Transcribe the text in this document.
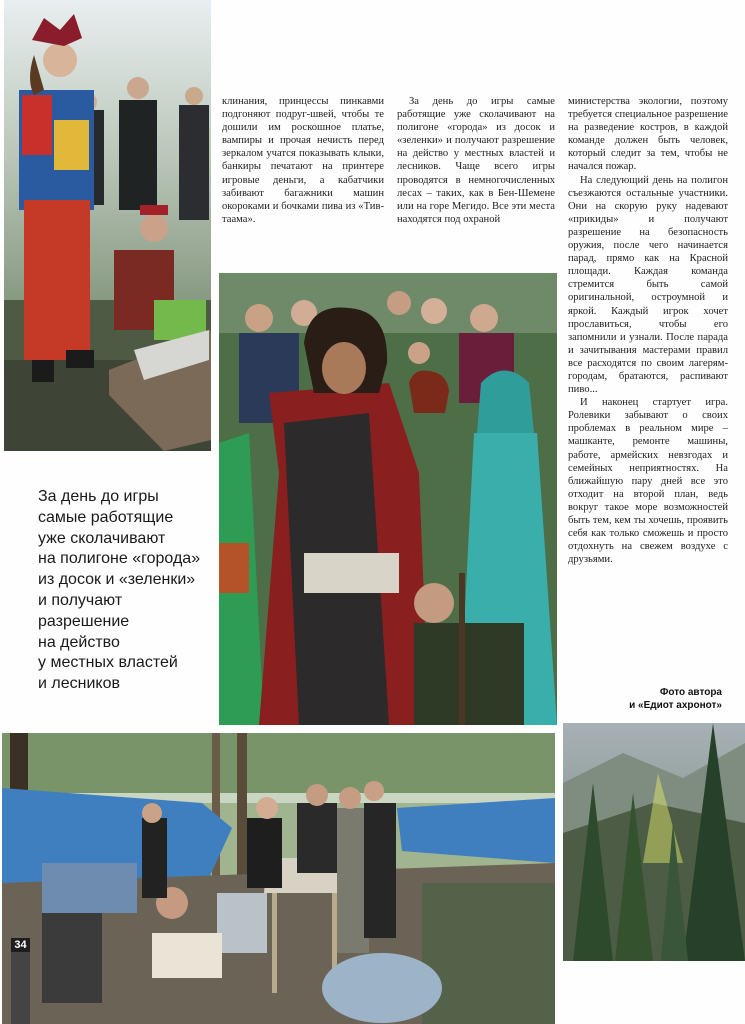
клинания, принцессы пинкавми подгоняют подруг-швей, чтобы те дошили им роскошное платье, вампиры и прочая нечисть перед зеркалом учатся показывать клыки, банкиры печатают на принтере игровые деньги, а кабатчики забивают багажники машин окороками и бочками пива из «Тив-таама».

За день до игры самые работящие уже сколачивают на полигоне «города» из досок и «зеленки» и получают разрешение на действо у местных властей и лесников. Чаще всего игры проводятся в немногочисленных лесах – таких, как в Бен-Шемене или на горе Мегидо. Все эти места находятся под охраной

министерства экологии, поэтому требуется специальное разрешение на разведение костров, в каждой команде должен быть человек, который следит за тем, чтобы не начался пожар.

На следующий день на полигон съезжаются остальные участники. Они на скорую руку надевают «прикиды» и получают разрешение на безопасность оружия, после чего начинается парад, прямо как на Красной площади. Каждая команда стремится быть самой оригинальной, остроумной и яркой. Каждый игрок хочет прославиться, чтобы его запомнили и узнали. После парада и зачитывания мастерами правил все расходятся по своим лагерям-городам, братаются, распивают пиво...

И наконец стартует игра. Ролевики забывают о своих проблемах в реальном мире – машканте, ремонте машины, работе, армейских невзгодах и семейных неприятностях. На ближайшую пару дней все это отходит на второй план, ведь вокруг такое море возможностей быть тем, кем ты хочешь, проявить себя как только сможешь и просто отдохнуть на свежем воздухе с друзьями.

За день до игры
самые работящие
уже сколачивают
на полигоне «города»
из досок и «зеленки»
и получают
разрешение
на действо
у местных властей
и лесников
Фото автора
и «Едиот ахронот»
34
